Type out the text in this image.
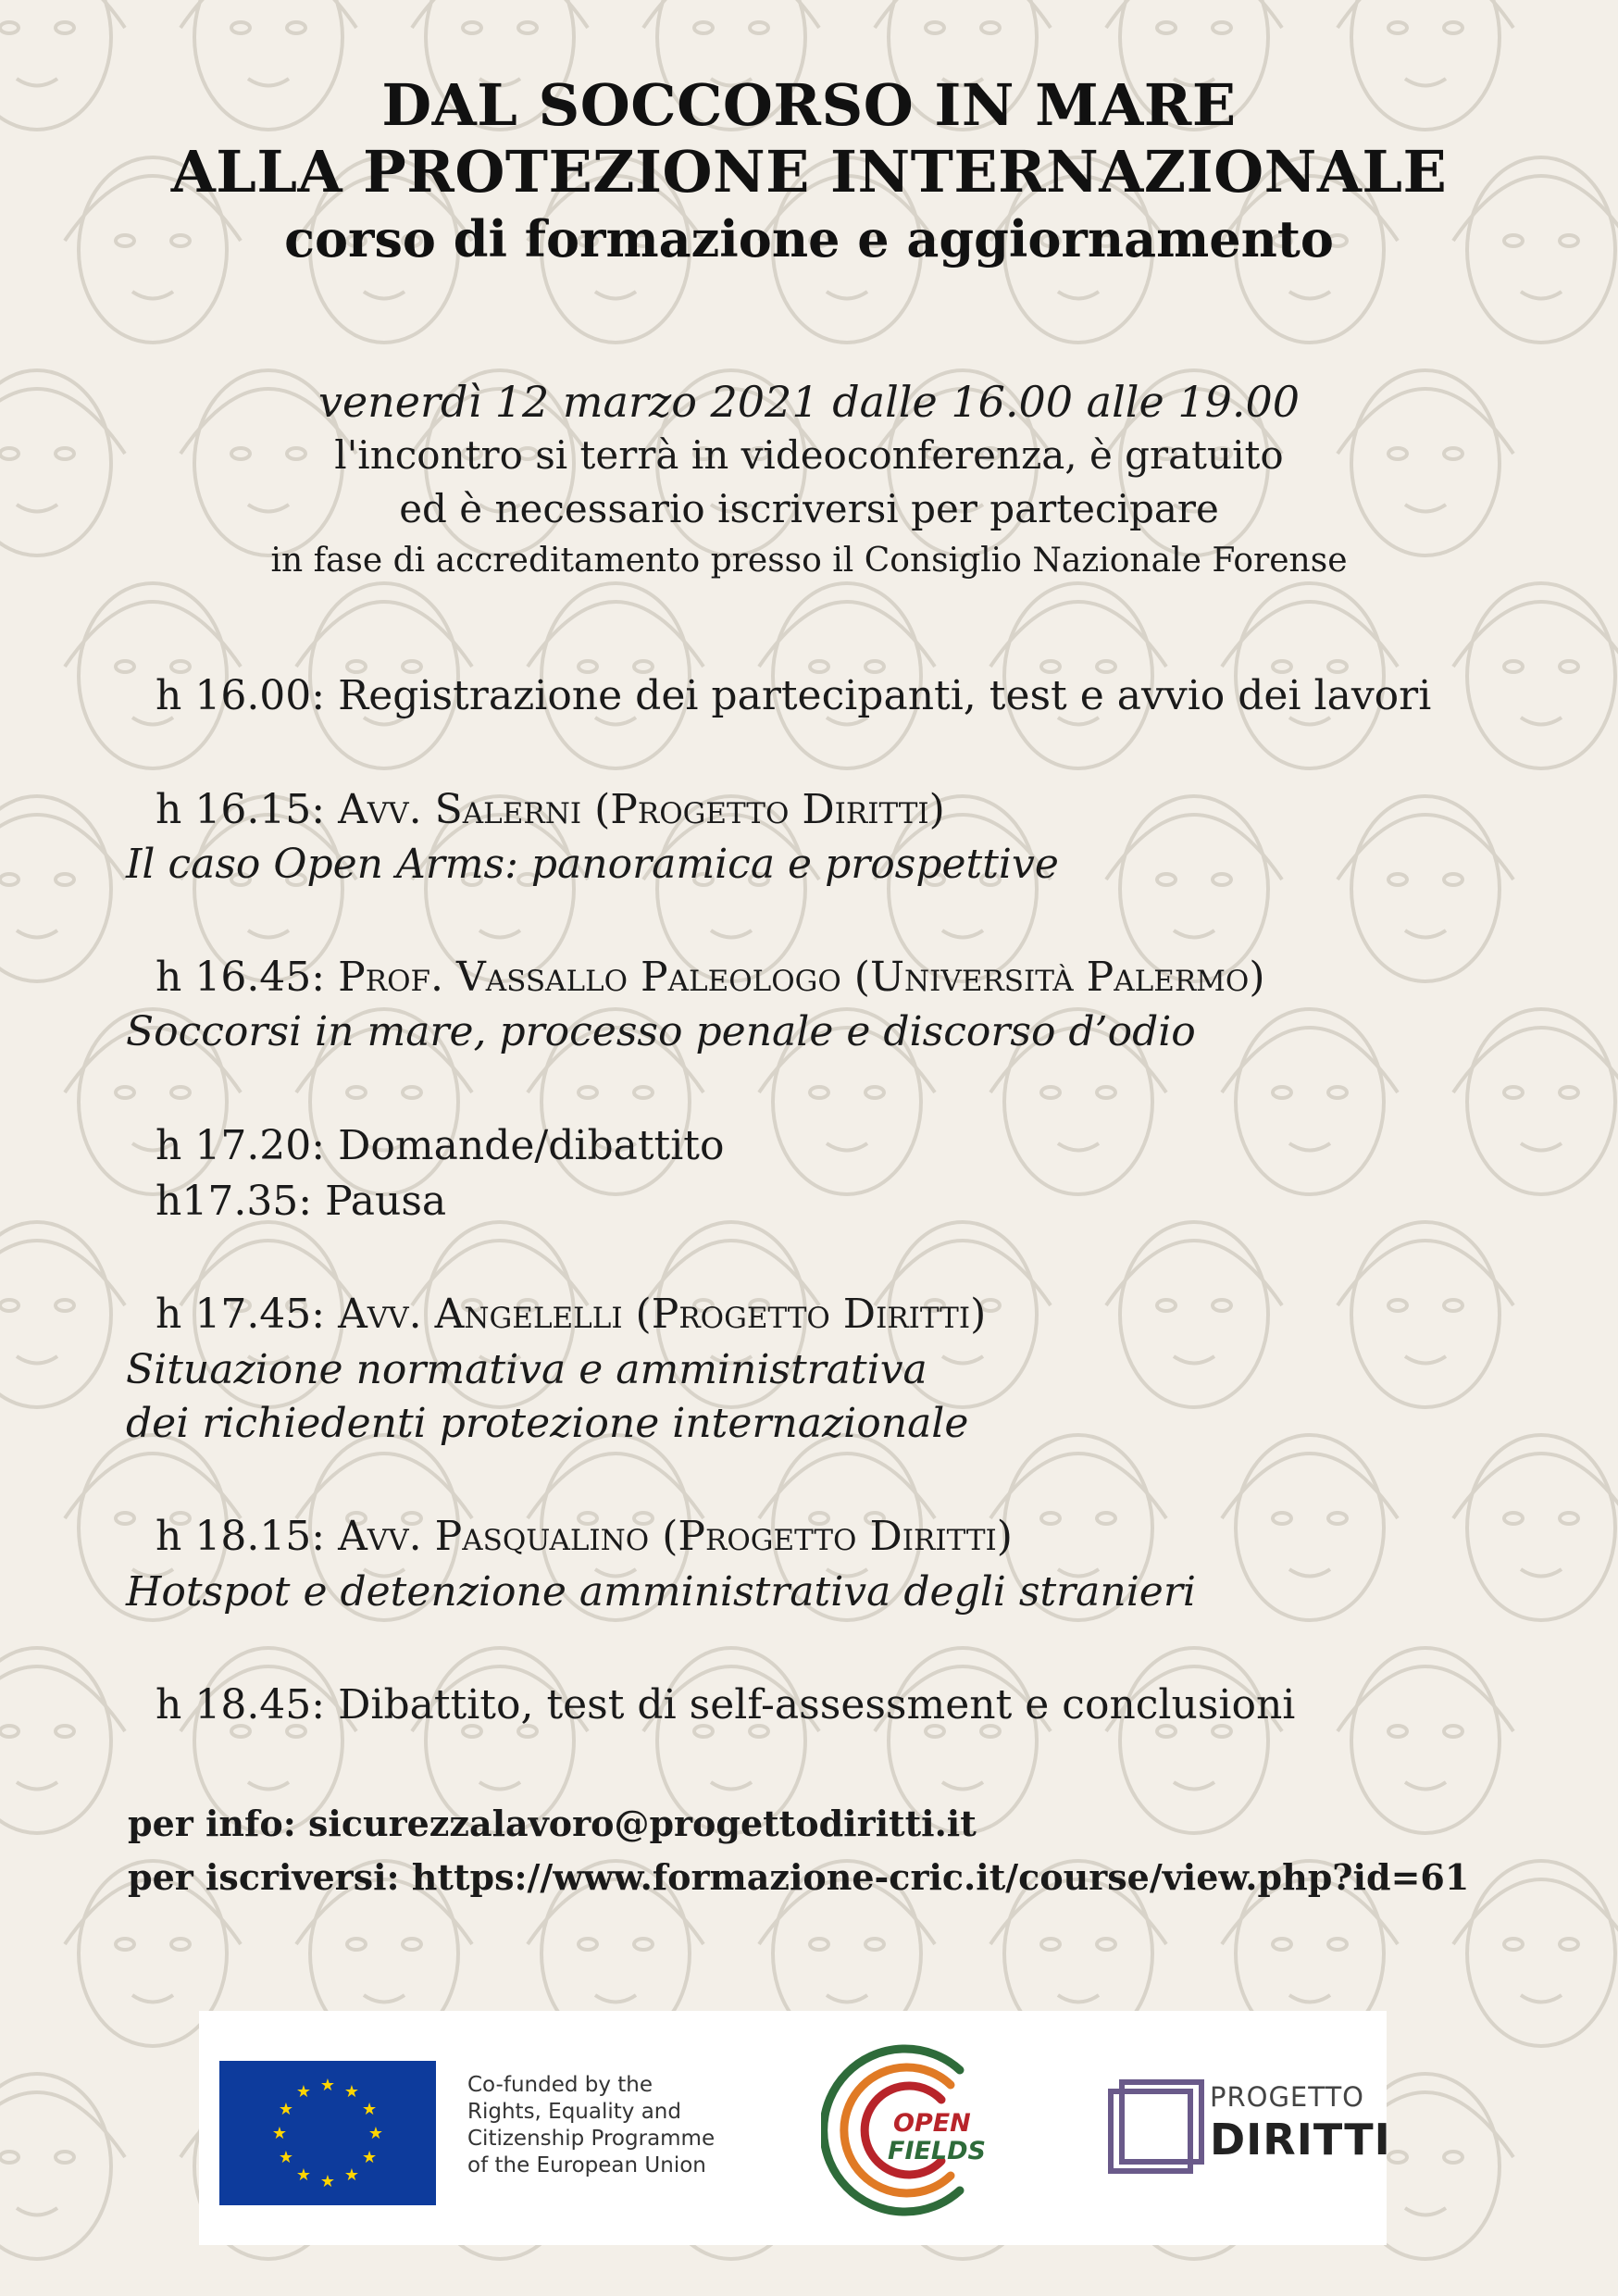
DAL SOCCORSO IN MARE
ALLA PROTEZIONE INTERNAZIONALE
corso di formazione e aggiornamento
venerdì 12 marzo 2021 dalle 16.00 alle 19.00
l'incontro si terrà in videoconferenza, è gratuito
ed è necessario iscriversi per partecipare
in fase di accreditamento presso il Consiglio Nazionale Forense
h 16.00: Registrazione dei partecipanti, test e avvio dei lavori
h 16.15: Avv. Salerni (Progetto Diritti)
Il caso Open Arms: panoramica e prospettive
h 16.45: Prof. Vassallo Paleologo (Università Palermo)
Soccorsi in mare, processo penale e discorso d’odio
h 17.20: Domande/dibattito
h17.35: Pausa
h 17.45: Avv. Angelelli (Progetto Diritti)
Situazione normativa e amministrativa
dei richiedenti protezione internazionale
h 18.15: Avv. Pasqualino (Progetto Diritti)
Hotspot e detenzione amministrativa degli stranieri
h 18.45: Dibattito, test di self-assessment e conclusioni
per info: sicurezzalavoro@progettodiritti.it
per iscriversi: https://www.formazione-cric.it/course/view.php?id=61
★ ★
★
★
★
★
★
★
★
★
★
★	Co-funded by the
Rights, Equality and
Citizenship Programme
of the European Union
OPEN
FIELDS
PROGETTO
DIRITTI
